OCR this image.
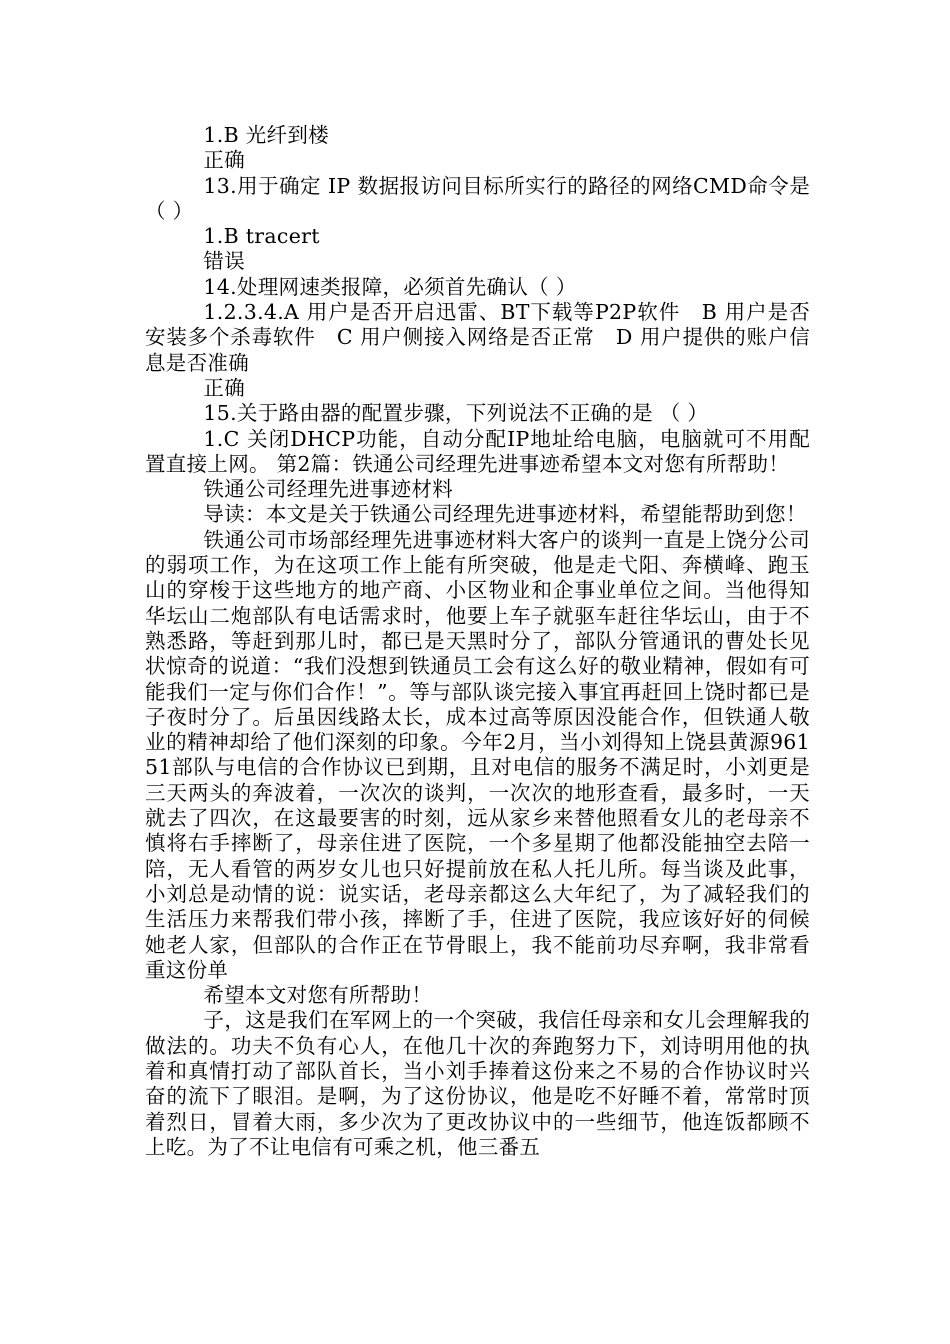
1.B 光纤到楼

正确

13.用于确定 IP 数据报访问目标所实行的路径的网络CMD命令是（ ）

1.B tracert

错误

14.处理网速类报障，必须首先确认（ ）

1.2.3.4.A 用户是否开启迅雷、BT下载等P2P软件　B 用户是否安装多个杀毒软件　C 用户侧接入网络是否正常　D 用户提供的账户信息是否准确

正确

15.关于路由器的配置步骤，下列说法不正确的是 （ ）

1.C 关闭DHCP功能，自动分配IP地址给电脑，电脑就可不用配置直接上网。 第2篇：铁通公司经理先进事迹希望本文对您有所帮助！

铁通公司经理先进事迹材料

导读：本文是关于铁通公司经理先进事迹材料，希望能帮助到您！

铁通公司市场部经理先进事迹材料大客户的谈判一直是上饶分公司的弱项工作，为在这项工作上能有所突破，他是走弋阳、奔横峰、跑玉山的穿梭于这些地方的地产商、小区物业和企事业单位之间。当他得知华坛山二炮部队有电话需求时，他要上车子就驱车赶往华坛山，由于不熟悉路，等赶到那儿时，都已是天黑时分了，部队分管通讯的曹处长见状惊奇的说道：“我们没想到铁通员工会有这么好的敬业精神，假如有可能我们一定与你们合作！”。等与部队谈完接入事宜再赶回上饶时都已是子夜时分了。后虽因线路太长，成本过高等原因没能合作，但铁通人敬业的精神却给了他们深刻的印象。今年2月，当小刘得知上饶县黄源96151部队与电信的合作协议已到期，且对电信的服务不满足时，小刘更是三天两头的奔波着，一次次的谈判，一次次的地形查看，最多时，一天就去了四次，在这最要害的时刻，远从家乡来替他照看女儿的老母亲不慎将右手摔断了，母亲住进了医院，一个多星期了他都没能抽空去陪一陪，无人看管的两岁女儿也只好提前放在私人托儿所。每当谈及此事，小刘总是动情的说：说实话，老母亲都这么大年纪了，为了减轻我们的生活压力来帮我们带小孩，摔断了手，住进了医院，我应该好好的伺候她老人家，但部队的合作正在节骨眼上，我不能前功尽弃啊，我非常看重这份单

希望本文对您有所帮助！

子，这是我们在军网上的一个突破，我信任母亲和女儿会理解我的做法的。功夫不负有心人，在他几十次的奔跑努力下，刘诗明用他的执着和真情打动了部队首长，当小刘手捧着这份来之不易的合作协议时兴奋的流下了眼泪。是啊，为了这份协议，他是吃不好睡不着，常常时顶着烈日，冒着大雨，多少次为了更改协议中的一些细节，他连饭都顾不上吃。为了不让电信有可乘之机，他三番五
